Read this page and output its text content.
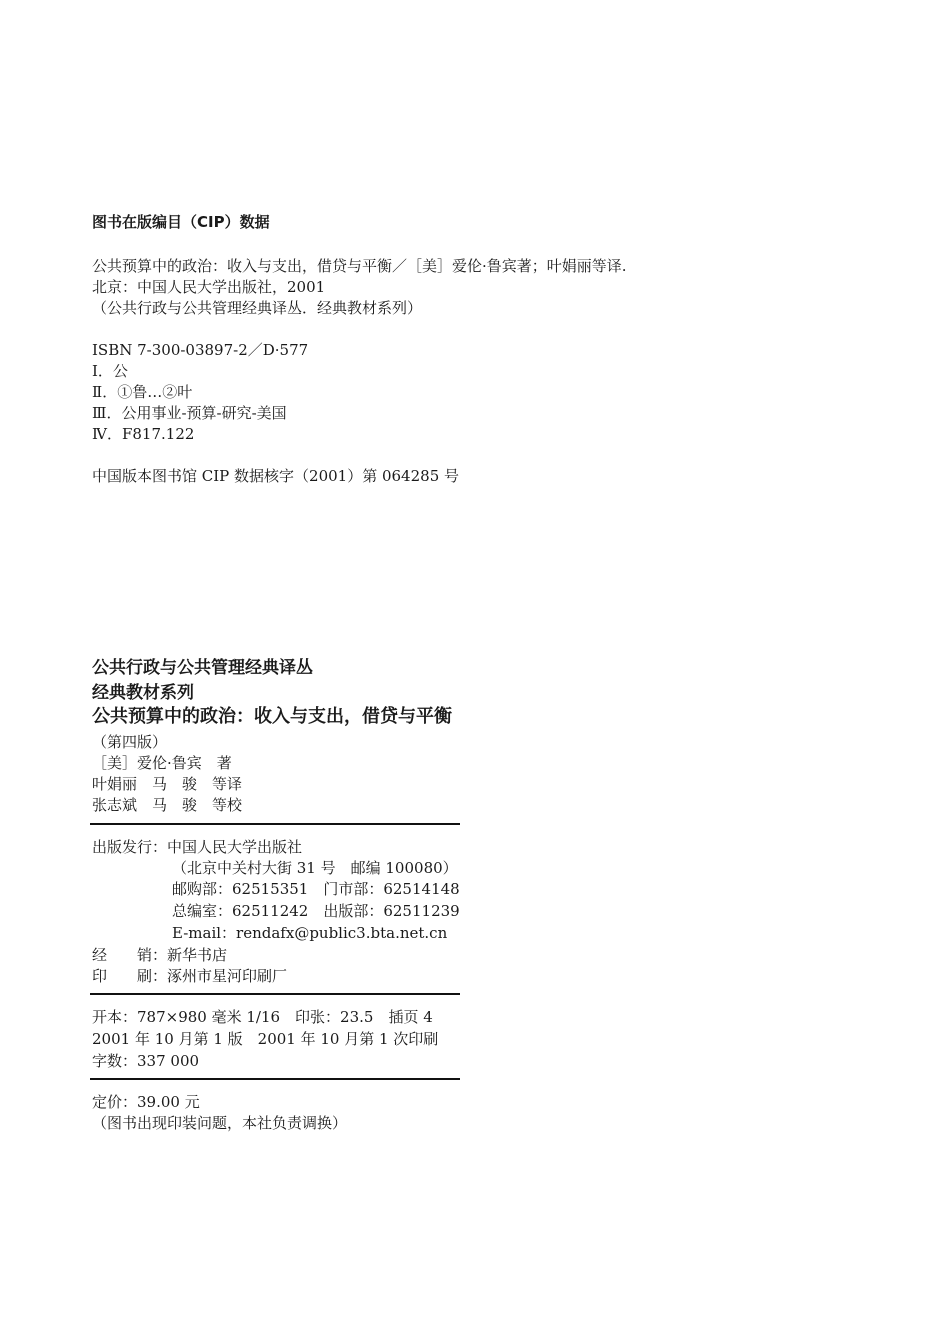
图书在版编目（CIP）数据
公共预算中的政治：收入与支出，借贷与平衡／［美］爱伦·鲁宾著；叶娟丽等译.
北京：中国人民大学出版社，2001
（公共行政与公共管理经典译丛．经典教材系列）
ISBN 7-300-03897-2／D·577
Ⅰ．公
Ⅱ．①鲁…②叶
Ⅲ．公用事业-预算-研究-美国
Ⅳ．F817.122
中国版本图书馆 CIP 数据核字（2001）第 064285 号
公共行政与公共管理经典译丛
经典教材系列
公共预算中的政治：收入与支出，借贷与平衡
（第四版）
［美］爱伦·鲁宾　著
叶娟丽　马　骏　等译
张志斌　马　骏　等校
出版发行：中国人民大学出版社
（北京中关村大街 31 号　邮编 100080）
邮购部：62515351　门市部：62514148
总编室：62511242　出版部：62511239
E-mail：rendafx@public3.bta.net.cn
经　　销：新华书店
印　　刷：涿州市星河印刷厂
开本：787×980 毫米 1/16　印张：23.5　插页 4
2001 年 10 月第 1 版　2001 年 10 月第 1 次印刷
字数：337 000
定价：39.00 元
（图书出现印装问题，本社负责调换）
